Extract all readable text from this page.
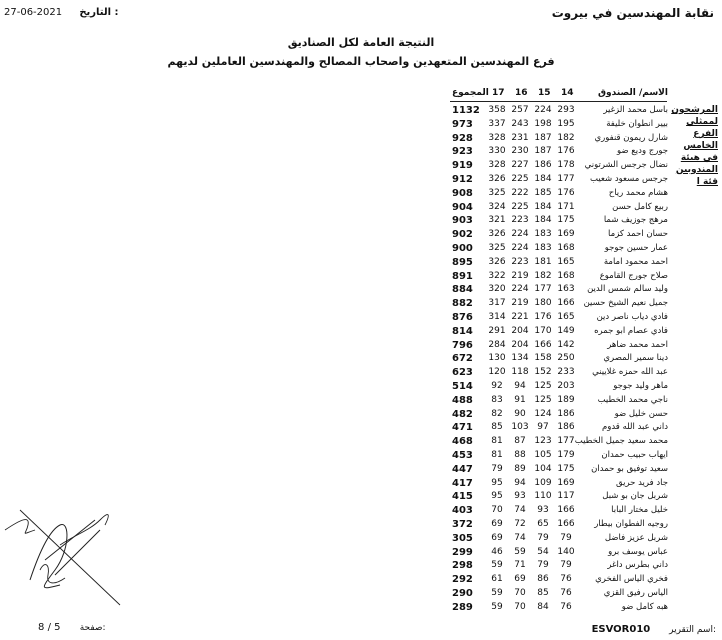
نقابة المهندسين في بيروت
27-06-2021 التاريخ :
النتيجة العامة لكل الصناديق
فرع المهندسين المتعهدين واصحاب المصالح والمهندسين العاملين لديهم
المجموع 17 16 15 14	الاسم/ الصندوق
المرشحون
لممثلي الفرع
الخامس في هيئة
المندوبين قئة ا
1132 358 257 224 293	باسل محمد الزغير
973	337 243 198 195	بيير انطوان خليفة
928	328 231 187 182	شارل ريمون قنفوري
923	330 230 187 176	جورج وديع ضو
919	328 227 186 178	نضال جرجس الشرتوني
912	326 225 184 177	جرجس مسعود شعيب
908	325 222 185 176	هشام محمد رياح
904	324 225 184 171	ربيع كامل حسن
903	321 223 184 175	مرهج جوزيف شما
902	326 224 183 169	حسان احمد كزما
900	325 224 183 168	عمار حسين جوجو
895	326 223 181 165	احمد محمود امامة
891	322 219 182 168	صلاح جورج القاموع
884	320 224 177 163	وليد سالم شمس الدين
882	317 219 180 166	جميل نعيم الشيخ حسين
876	314 221 176 165	فادي دياب ناصر دين
814	291 204 170 149	فادي عصام ابو جمره
796	284 204 166 142	احمد محمد ضاهر
672	130 134 158 250	دينا سمير المصري
623	120 118 152 233	عبد الله حمزه غلاييني
514	92	94 125 203	ماهر وليد جوجو
488	83	91 125 189	ناجي محمد الخطيب
482	82	90 124 186	حسن خليل ضو
471	85 103 97 186	داني عبد الله قدوم
468	81	87 123 177 محمد سعيد جميل الخطيب
453	81	88 105 179	ايهاب حبيب حمدان
447	79	89 104 175	سعيد توفيق بو حمدان
417	95	94 109 169	جاد فريد حريق
415	95	93 110 117	شربل جان بو شبل
403	70	74	93 166	خليل مختار البابا
372	69	72	65 166	روجيه الفطوان بيطار
305	69	74	79	79	شربل عزيز فاضل
299	46	59	54 140	عباس يوسف برو
298	59	71	79	79	داني بطرس داغر
292	61	69	86	76	فخري الياس الفخري
290	59	70	85	76	الياس رفيق القزي
289	59	70	84	76	هبه كامل ضو
8 / 5 صفحة:	ESVOR010 اسم التقرير:
